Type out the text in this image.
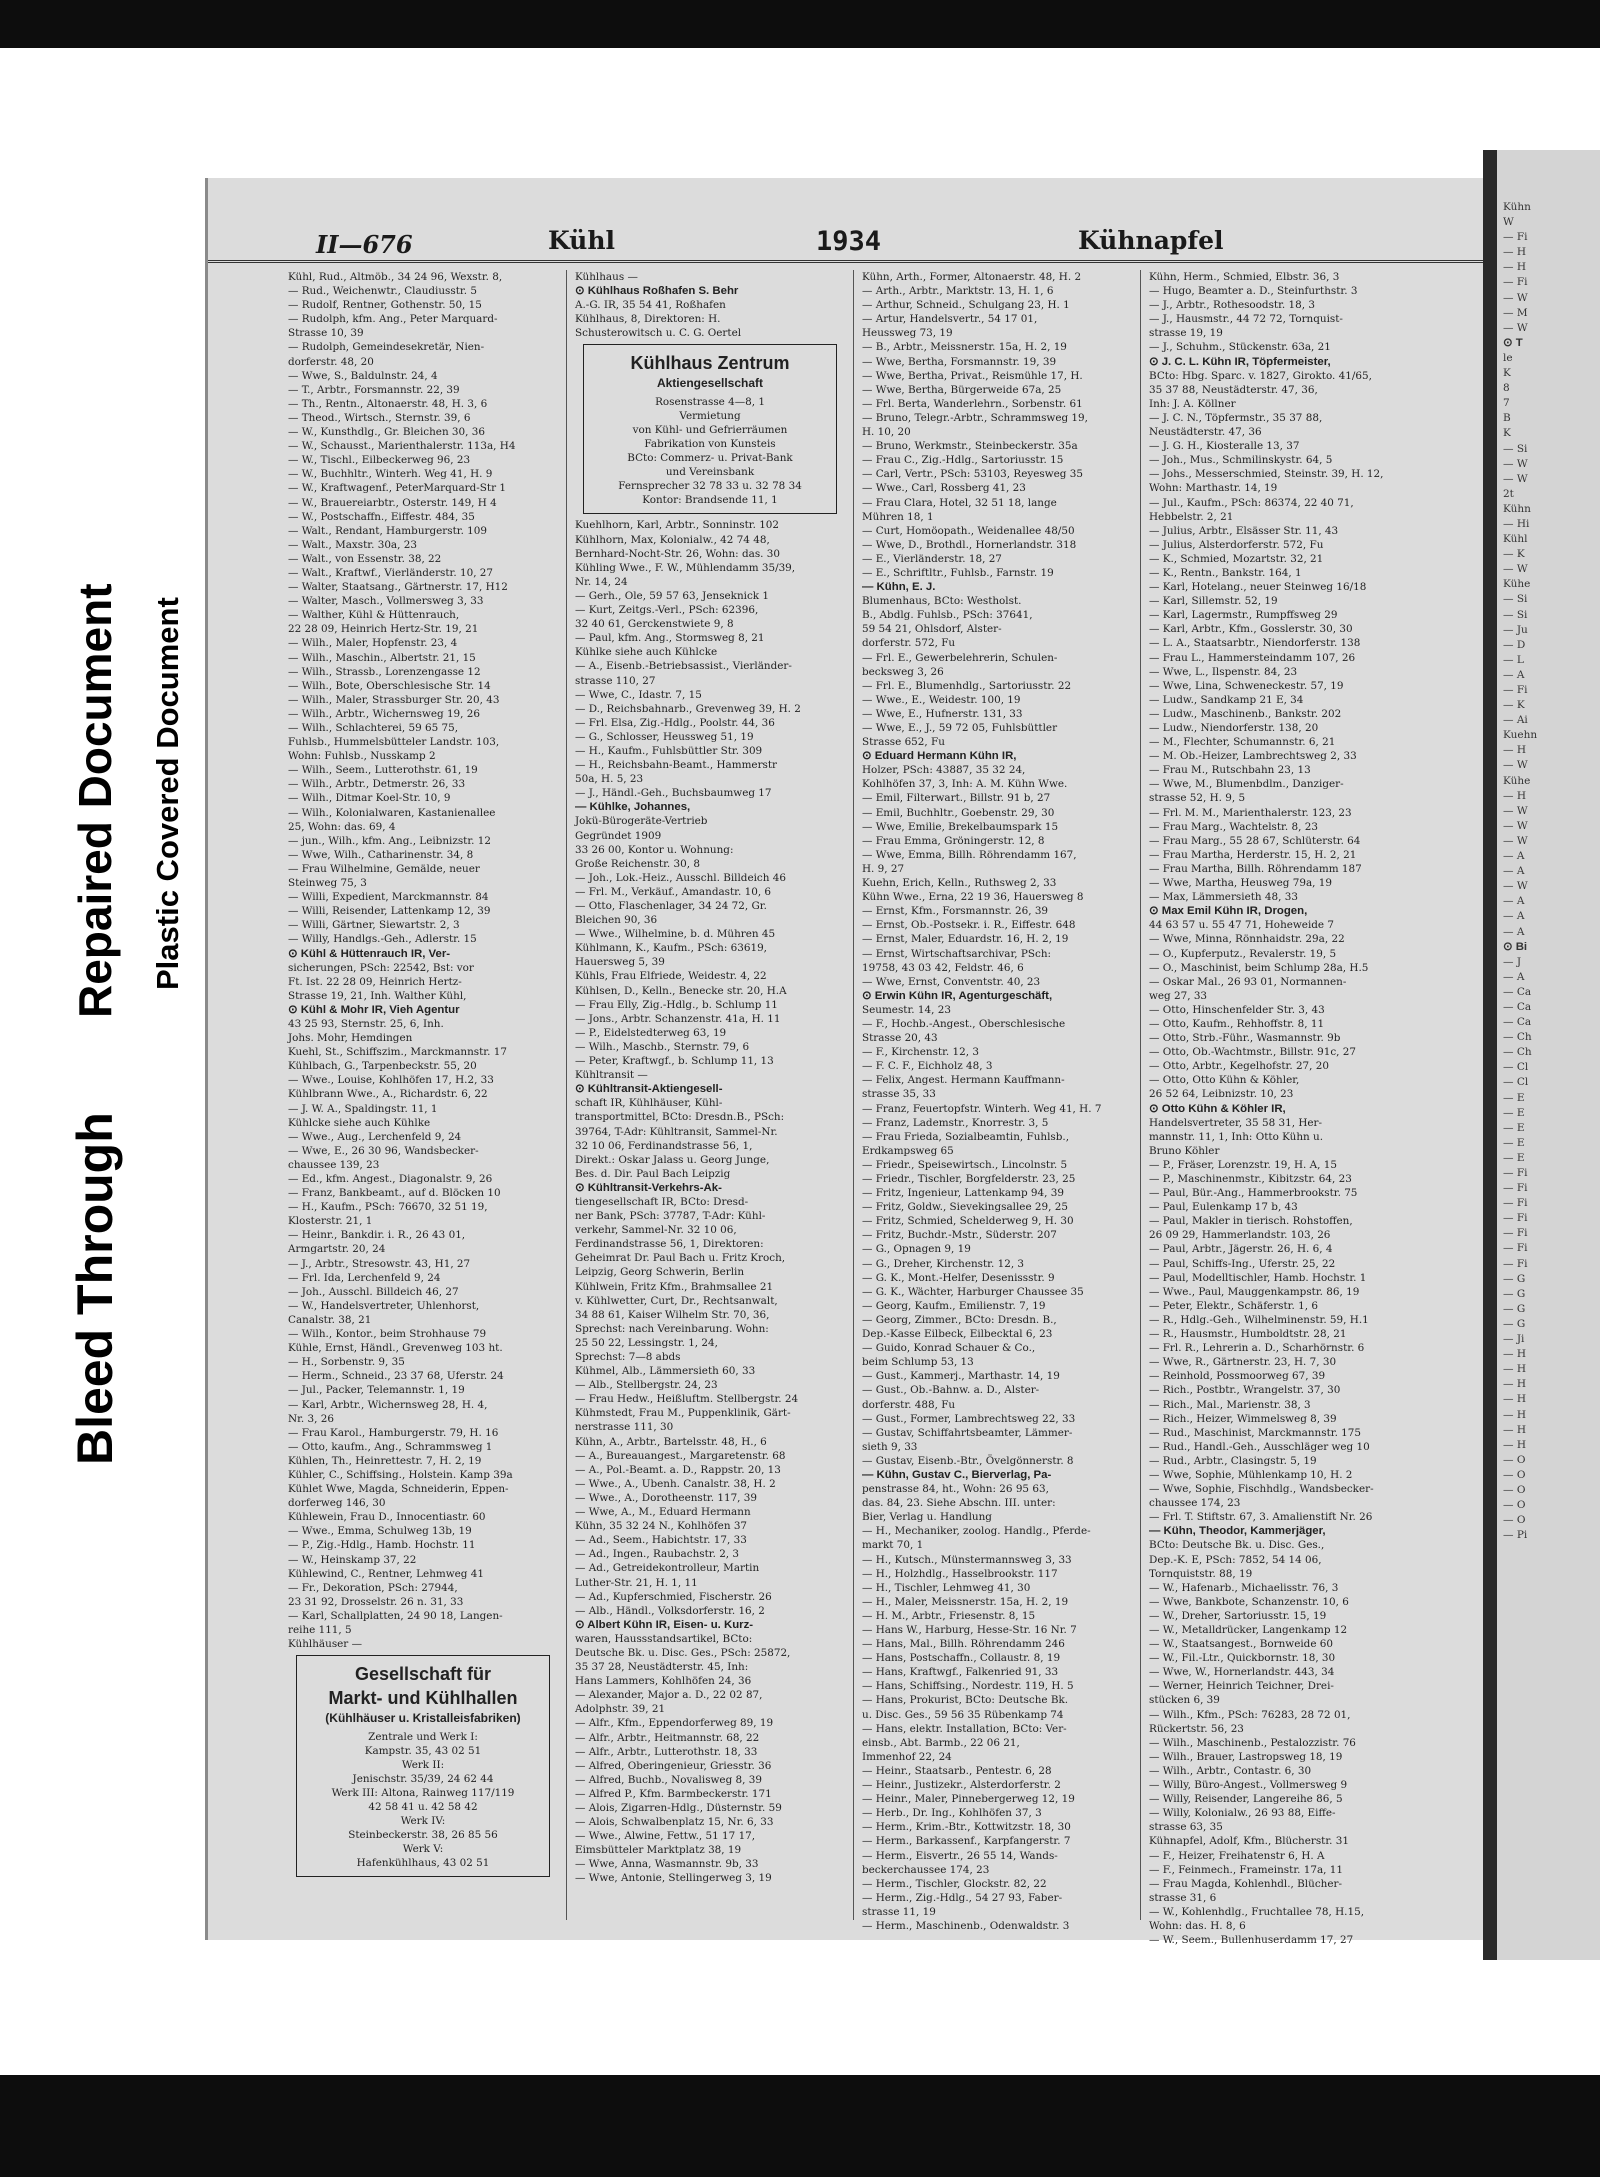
Bleed Through
Repaired Document Plastic Covered Document
II—676	Kühl	1934	Kühnapfel
Kühl, Rud., Altmöb., 34 24 96, Wexstr. 8,
— Rud., Weichenwtr., Claudiusstr. 5
— Rudolf, Rentner, Gothenstr. 50, 15
— Rudolph, kfm. Ang., Peter Marquard-
Strasse 10, 39
— Rudolph, Gemeindesekretär, Nien-
dorferstr. 48, 20
— Wwe, S., Baldulnstr. 24, 4
— T., Arbtr., Forsmannstr. 22, 39
— Th., Rentn., Altonaerstr. 48, H. 3, 6
— Theod., Wirtsch., Sternstr. 39, 6
— W., Kunsthdlg., Gr. Bleichen 30, 36
— W., Schausst., Marienthalerstr. 113a, H4
— W., Tischl., Eilbeckerweg 96, 23
— W., Buchhltr., Winterh. Weg 41, H. 9
— W., Kraftwagenf., PeterMarquard-Str 1
— W., Brauereiarbtr., Osterstr. 149, H 4
— W., Postschaffn., Eiffestr. 484, 35
— Walt., Rendant, Hamburgerstr. 109
— Walt., Maxstr. 30a, 23
— Walt., von Essenstr. 38, 22
— Walt., Kraftwf., Vierländerstr. 10, 27
— Walter, Staatsang., Gärtnerstr. 17, H12
— Walter, Masch., Vollmersweg 3, 33
— Walther, Kühl & Hüttenrauch,
22 28 09, Heinrich Hertz-Str. 19, 21
— Wilh., Maler, Hopfenstr. 23, 4
— Wilh., Maschin., Albertstr. 21, 15
— Wilh., Strassb., Lorenzengasse 12
— Wilh., Bote, Oberschlesische Str. 14
— Wilh., Maler, Strassburger Str. 20, 43
— Wilh., Arbtr., Wichernsweg 19, 26
— Wilh., Schlachterei, 59 65 75,
Fuhlsb., Hummelsbütteler Landstr. 103,
Wohn: Fuhlsb., Nusskamp 2
— Wilh., Seem., Lutterothstr. 61, 19
— Wilh., Arbtr., Detmerstr. 26, 33
— Wilh., Ditmar Koel-Str. 10, 9
— Wilh., Kolonialwaren, Kastanienallee
25, Wohn: das. 69, 4
— jun., Wilh., kfm. Ang., Leibnizstr. 12
— Wwe, Wilh., Catharinenstr. 34, 8
— Frau Wilhelmine, Gemälde, neuer
Steinweg 75, 3
— Willi, Expedient, Marckmannstr. 84
— Willi, Reisender, Lattenkamp 12, 39
— Willi, Gärtner, Siewartstr. 2, 3
— Willy, Handlgs.-Geh., Adlerstr. 15
⊙ Kühl & Hüttenrauch IR, Ver-
sicherungen, PSch: 22542, Bst: vor
Ft. Ist. 22 28 09, Heinrich Hertz-
Strasse 19, 21, Inh. Walther Kühl,
⊙ Kühl & Mohr IR, Vieh Agentur
43 25 93, Sternstr. 25, 6, Inh.
Johs. Mohr, Hemdingen
Kuehl, St., Schiffszim., Marckmannstr. 17
Kühlbach, G., Tarpenbeckstr. 55, 20
— Wwe., Louise, Kohlhöfen 17, H.2, 33
Kühlbrann Wwe., A., Richardstr. 6, 22
— J. W. A., Spaldingstr. 11, 1
Kühlcke siehe auch Kühlke
— Wwe., Aug., Lerchenfeld 9, 24
— Wwe, E., 26 30 96, Wandsbecker-
chaussee 139, 23
— Ed., kfm. Angest., Diagonalstr. 9, 26
— Franz, Bankbeamt., auf d. Blöcken 10
— H., Kaufm., PSch: 76670, 32 51 19,
Klosterstr. 21, 1
— Heinr., Bankdir. i. R., 26 43 01,
Armgartstr. 20, 24
— J., Arbtr., Stresowstr. 43, H1, 27
— Frl. Ida, Lerchenfeld 9, 24
— Joh., Ausschl. Billdeich 46, 27
— W., Handelsvertreter, Uhlenhorst,
Canalstr. 38, 21
— Wilh., Kontor., beim Strohhause 79
Kühle, Ernst, Händl., Grevenweg 103 ht.
— H., Sorbenstr. 9, 35
— Herm., Schneid., 23 37 68, Uferstr. 24
— Jul., Packer, Telemannstr. 1, 19
— Karl, Arbtr., Wichernsweg 28, H. 4,
Nr. 3, 26
— Frau Karol., Hamburgerstr. 79, H. 16
— Otto, kaufm., Ang., Schrammsweg 1
Kühlen, Th., Heinrettestr. 7, H. 2, 19
Kühler, C., Schiffsing., Holstein. Kamp 39a
Kühlet Wwe, Magda, Schneiderin, Eppen-
dorferweg 146, 30
Kühlewein, Frau D., Innocentiastr. 60
— Wwe., Emma, Schulweg 13b, 19
— P., Zig.-Hdlg., Hamb. Hochstr. 11
— W., Heinskamp 37, 22
Kühlewind, C., Rentner, Lehmweg 41
— Fr., Dekoration, PSch: 27944,
23 31 92, Drosselstr. 26 n. 31, 33
— Karl, Schallplatten, 24 90 18, Langen-
reihe 111, 5
Kühlhäuser —
Gesellschaft für
Markt- und Kühlhallen
(Kühlhäuser u. Kristalleisfabriken)
Zentrale und Werk I:
Kampstr. 35, 43 02 51
Werk II:
Jenischstr. 35/39, 24 62 44
Werk III: Altona, Rainweg 117/119
42 58 41 u. 42 58 42
Werk IV:
Steinbeckerstr. 38, 26 85 56
Werk V:
Hafenkühlhaus, 43 02 51
Kühlhaus —
⊙ Kühlhaus Roßhafen S. Behr
A.-G. IR, 35 54 41, Roßhafen
Kühlhaus, 8, Direktoren: H.
Schusterowitsch u. C. G. Oertel
Kühlhaus Zentrum
Aktiengesellschaft
Rosenstrasse 4—8, 1
Vermietung
von Kühl- und Gefrierräumen
Fabrikation von Kunsteis
BCto: Commerz- u. Privat-Bank
und Vereinsbank
Fernsprecher 32 78 33 u. 32 78 34
Kontor: Brandsende 11, 1
Kuehlhorn, Karl, Arbtr., Sonninstr. 102
Kühlhorn, Max, Kolonialw., 42 74 48,
Bernhard-Nocht-Str. 26, Wohn: das. 30
Kühling Wwe., F. W., Mühlendamm 35/39,
Nr. 14, 24
— Gerh., Ole, 59 57 63, Jenseknick 1
— Kurt, Zeitgs.-Verl., PSch: 62396,
32 40 61, Gerckenstwiete 9, 8
— Paul, kfm. Ang., Stormsweg 8, 21
Kühlke siehe auch Kühlcke
— A., Eisenb.-Betriebsassist., Vierländer-
strasse 110, 27
— Wwe, C., Idastr. 7, 15
— D., Reichsbahnarb., Grevenweg 39, H. 2
— Frl. Elsa, Zig.-Hdlg., Poolstr. 44, 36
— G., Schlosser, Heussweg 51, 19
— H., Kaufm., Fuhlsbüttler Str. 309
— H., Reichsbahn-Beamt., Hammerstr
50a, H. 5, 23
— J., Händl.-Geh., Buchsbaumweg 17
— Kühlke, Johannes,
Jokü-Bürogeräte-Vertrieb
Gegründet 1909
33 26 00, Kontor u. Wohnung:
Große Reichenstr. 30, 8
— Joh., Lok.-Heiz., Ausschl. Billdeich 46
— Frl. M., Verkäuf., Amandastr. 10, 6
— Otto, Flaschenlager, 34 24 72, Gr.
Bleichen 90, 36
— Wwe., Wilhelmine, b. d. Mühren 45
Kühlmann, K., Kaufm., PSch: 63619,
Hauersweg 5, 39
Kühls, Frau Elfriede, Weidestr. 4, 22
Kühlsen, D., Kelln., Benecke str. 20, H.A
— Frau Elly, Zig.-Hdlg., b. Schlump 11
— Jons., Arbtr. Schanzenstr. 41a, H. 11
— P., Eidelstedterweg 63, 19
— Wilh., Maschb., Sternstr. 79, 6
— Peter, Kraftwgf., b. Schlump 11, 13
Kühltransit —
⊙ Kühltransit-Aktiengesell-
schaft IR, Kühlhäuser, Kühl-
transportmittel, BCto: Dresdn.B., PSch:
39764, T-Adr: Kühltransit, Sammel-Nr.
32 10 06, Ferdinandstrasse 56, 1,
Direkt.: Oskar Jalass u. Georg Junge,
Bes. d. Dir. Paul Bach Leipzig
⊙ Kühltransit-Verkehrs-Ak-
tiengesellschaft IR, BCto: Dresd-
ner Bank, PSch: 37787, T-Adr: Kühl-
verkehr, Sammel-Nr. 32 10 06,
Ferdinandstrasse 56, 1, Direktoren:
Geheimrat Dr. Paul Bach u. Fritz Kroch,
Leipzig, Georg Schwerin, Berlin
Kühlwein, Fritz Kfm., Brahmsallee 21
v. Kühlwetter, Curt, Dr., Rechtsanwalt,
34 88 61, Kaiser Wilhelm Str. 70, 36,
Sprechst: nach Vereinbarung. Wohn:
25 50 22, Lessingstr. 1, 24,
Sprechst: 7—8 abds
Kühmel, Alb., Lämmersieth 60, 33
— Alb., Stellbergstr. 24, 23
— Frau Hedw., Heißluftm. Stellbergstr. 24
Kühmstedt, Frau M., Puppenklinik, Gärt-
nerstrasse 111, 30
Kühn, A., Arbtr., Bartelsstr. 48, H., 6
— A., Bureauangest., Margaretenstr. 68
— A., Pol.-Beamt. a. D., Rappstr. 20, 13
— Wwe., A., Ubenh. Canalstr. 38, H. 2
— Wwe., A., Dorotheenstr. 117, 39
— Wwe, A., M., Eduard Hermann
Kühn, 35 32 24 N., Kohlhöfen 37
— Ad., Seem., Habichtstr. 17, 33
— Ad., Ingen., Raubachstr. 2, 3
— Ad., Getreidekontrolleur, Martin
Luther-Str. 21, H. 1, 11
— Ad., Kupferschmied, Fischerstr. 26
— Alb., Händl., Volksdorferstr. 16, 2
⊙ Albert Kühn IR, Eisen- u. Kurz-
waren, Haussstandsartikel, BCto:
Deutsche Bk. u. Disc. Ges., PSch: 25872,
35 37 28, Neustädterstr. 45, Inh:
Hans Lammers, Kohlhöfen 24, 36
— Alexander, Major a. D., 22 02 87,
Adolphstr. 39, 21
— Alfr., Kfm., Eppendorferweg 89, 19
— Alfr., Arbtr., Heitmannstr. 68, 22
— Alfr., Arbtr., Lutterothstr. 18, 33
— Alfred, Oberingenieur, Griesstr. 36
— Alfred, Buchb., Novalisweg 8, 39
— Alfred P., Kfm. Barmbeckerstr. 171
— Alois, Zigarren-Hdlg., Düsternstr. 59
— Alois, Schwalbenplatz 15, Nr. 6, 33
— Wwe., Alwine, Fettw., 51 17 17,
Eimsbütteler Marktplatz 38, 19
— Wwe, Anna, Wasmannstr. 9b, 33
— Wwe, Antonie, Stellingerweg 3, 19
Kühn, Arth., Former, Altonaerstr. 48, H. 2
— Arth., Arbtr., Marktstr. 13, H. 1, 6
— Arthur, Schneid., Schulgang 23, H. 1
— Artur, Handelsvertr., 54 17 01,
Heussweg 73, 19
— B., Arbtr., Meissnerstr. 15a, H. 2, 19
— Wwe, Bertha, Forsmannstr. 19, 39
— Wwe, Bertha, Privat., Reismühle 17, H.
— Wwe, Bertha, Bürgerweide 67a, 25
— Frl. Berta, Wanderlehrn., Sorbenstr. 61
— Bruno, Telegr.-Arbtr., Schrammsweg 19,
H. 10, 20
— Bruno, Werkmstr., Steinbeckerstr. 35a
— Frau C., Zig.-Hdlg., Sartoriusstr. 15
— Carl, Vertr., PSch: 53103, Reyesweg 35
— Wwe., Carl, Rossberg 41, 23
— Frau Clara, Hotel, 32 51 18, lange
Mühren 18, 1
— Curt, Homöopath., Weidenallee 48/50
— Wwe, D., Brothdl., Hornerlandstr. 318
— E., Vierländerstr. 18, 27
— E., Schriftltr., Fuhlsb., Farnstr. 19
— Kühn, E. J.
Blumenhaus, BCto: Westholst.
B., Abdlg. Fuhlsb., PSch: 37641,
59 54 21, Ohlsdorf, Alster-
dorferstr. 572, Fu
— Frl. E., Gewerbelehrerin, Schulen-
becksweg 3, 26
— Frl. E., Blumenhdlg., Sartoriusstr. 22
— Wwe., E., Weidestr. 100, 19
— Wwe, E., Hufnerstr. 131, 33
— Wwe, E., J., 59 72 05, Fuhlsbüttler
Strasse 652, Fu
⊙ Eduard Hermann Kühn IR,
Holzer, PSch: 43887, 35 32 24,
Kohlhöfen 37, 3, Inh: A. M. Kühn Wwe.
— Emil, Filterwart., Billstr. 91 b, 27
— Emil, Buchhltr., Goebenstr. 29, 30
— Wwe, Emilie, Brekelbaumspark 15
— Frau Emma, Gröningerstr. 12, 8
— Wwe, Emma, Billh. Röhrendamm 167,
H. 9, 27
Kuehn, Erich, Kelln., Ruthsweg 2, 33
Kühn Wwe., Erna, 22 19 36, Hauersweg 8
— Ernst, Kfm., Forsmannstr. 26, 39
— Ernst, Ob.-Postsekr. i. R., Eiffestr. 648
— Ernst, Maler, Eduardstr. 16, H. 2, 19
— Ernst, Wirtschaftsarchivar, PSch:
19758, 43 03 42, Feldstr. 46, 6
— Wwe, Ernst, Conventstr. 40, 23
⊙ Erwin Kühn IR, Agenturgeschäft,
Seumestr. 14, 23
— F., Hochb.-Angest., Oberschlesische
Strasse 20, 43
— F., Kirchenstr. 12, 3
— F. C. F., Eichholz 48, 3
— Felix, Angest. Hermann Kauffmann-
strasse 35, 33
— Franz, Feuertopfstr. Winterh. Weg 41, H. 7
— Franz, Lademstr., Knorrestr. 3, 5
— Frau Frieda, Sozialbeamtin, Fuhlsb.,
Erdkampsweg 65
— Friedr., Speisewirtsch., Lincolnstr. 5
— Friedr., Tischler, Borgfelderstr. 23, 25
— Fritz, Ingenieur, Lattenkamp 94, 39
— Fritz, Goldw., Sievekingsallee 29, 25
— Fritz, Schmied, Schelderweg 9, H. 30
— Fritz, Buchdr.-Mstr., Süderstr. 207
— G., Opnagen 9, 19
— G., Dreher, Kirchenstr. 12, 3
— G. K., Mont.-Helfer, Desenissstr. 9
— G. K., Wächter, Harburger Chaussee 35
— Georg, Kaufm., Emilienstr. 7, 19
— Georg, Zimmer., BCto: Dresdn. B.,
Dep.-Kasse Eilbeck, Eilbecktal 6, 23
— Guido, Konrad Schauer & Co.,
beim Schlump 53, 13
— Gust., Kammerj., Marthastr. 14, 19
— Gust., Ob.-Bahnw. a. D., Alster-
dorferstr. 488, Fu
— Gust., Former, Lambrechtsweg 22, 33
— Gustav, Schiffahrtsbeamter, Lämmer-
sieth 9, 33
— Gustav, Eisenb.-Btr., Övelgönnerstr. 8
— Kühn, Gustav C., Bierverlag, Pa-
penstrasse 84, ht., Wohn: 26 95 63,
das. 84, 23. Siehe Abschn. III. unter:
Bier, Verlag u. Handlung
— H., Mechaniker, zoolog. Handlg., Pferde-
markt 70, 1
— H., Kutsch., Münstermannsweg 3, 33
— H., Holzhdlg., Hasselbrookstr. 117
— H., Tischler, Lehmweg 41, 30
— H., Maler, Meissnerstr. 15a, H. 2, 19
— H. M., Arbtr., Friesenstr. 8, 15
— Hans W., Harburg, Hesse-Str. 16 Nr. 7
— Hans, Mal., Billh. Röhrendamm 246
— Hans, Postschaffn., Collaustr. 8, 19
— Hans, Kraftwgf., Falkenried 91, 33
— Hans, Schiffsing., Nordestr. 119, H. 5
— Hans, Prokurist, BCto: Deutsche Bk.
u. Disc. Ges., 59 56 35 Rübenkamp 74
— Hans, elektr. Installation, BCto: Ver-
einsb., Abt. Barmb., 22 06 21,
Immenhof 22, 24
— Heinr., Staatsarb., Pentestr. 6, 28
— Heinr., Justizekr., Alsterdorferstr. 2
— Heinr., Maler, Pinnebergerweg 12, 19
— Herb., Dr. Ing., Kohlhöfen 37, 3
— Herm., Krim.-Btr., Kottwitzstr. 18, 30
— Herm., Barkassenf., Karpfangerstr. 7
— Herm., Eisvertr., 26 55 14, Wands-
beckerchaussee 174, 23
— Herm., Tischler, Glockstr. 82, 22
— Herm., Zig.-Hdlg., 54 27 93, Faber-
strasse 11, 19
— Herm., Maschinenb., Odenwaldstr. 3
Kühn, Herm., Schmied, Elbstr. 36, 3
— Hugo, Beamter a. D., Steinfurthstr. 3
— J., Arbtr., Rothesoodstr. 18, 3
— J., Hausmstr., 44 72 72, Tornquist-
strasse 19, 19
— J., Schuhm., Stückenstr. 63a, 21
⊙ J. C. L. Kühn IR, Töpfermeister,
BCto: Hbg. Sparc. v. 1827, Girokto. 41/65,
35 37 88, Neustädterstr. 47, 36,
Inh: J. A. Köllner
— J. C. N., Töpfermstr., 35 37 88,
Neustädterstr. 47, 36
— J. G. H., Kiosteralle 13, 37
— Joh., Mus., Schmilinskystr. 64, 5
— Johs., Messerschmied, Steinstr. 39, H. 12,
Wohn: Marthastr. 14, 19
— Jul., Kaufm., PSch: 86374, 22 40 71,
Hebbelstr. 2, 21
— Julius, Arbtr., Elsässer Str. 11, 43
— Julius, Alsterdorferstr. 572, Fu
— K., Schmied, Mozartstr. 32, 21
— K., Rentn., Bankstr. 164, 1
— Karl, Hotelang., neuer Steinweg 16/18
— Karl, Sillemstr. 52, 19
— Karl, Lagermstr., Rumpffsweg 29
— Karl, Arbtr., Kfm., Gosslerstr. 30, 30
— L. A., Staatsarbtr., Niendorferstr. 138
— Frau L., Hammersteindamm 107, 26
— Wwe, L., Ilspenstr. 84, 23
— Wwe, Lina, Schweneckestr. 57, 19
— Ludw., Sandkamp 21 E, 34
— Ludw., Maschinenb., Bankstr. 202
— Ludw., Niendorferstr. 138, 20
— M., Flechter, Schumannstr. 6, 21
— M. Ob.-Heizer, Lambrechtsweg 2, 33
— Frau M., Rutschbahn 23, 13
— Wwe, M., Blumenbdlm., Danziger-
strasse 52, H. 9, 5
— Frl. M. M., Marienthalerstr. 123, 23
— Frau Marg., Wachtelstr. 8, 23
— Frau Marg., 55 28 67, Schlüterstr. 64
— Frau Martha, Herderstr. 15, H. 2, 21
— Frau Martha, Billh. Röhrendamm 187
— Wwe, Martha, Heusweg 79a, 19
— Max, Lämmersieth 48, 33
⊙ Max Emil Kühn IR, Drogen,
44 63 57 u. 55 47 71, Hoheweide 7
— Wwe, Minna, Rönnhaidstr. 29a, 22
— O., Kupferputz., Revalerstr. 19, 5
— O., Maschinist, beim Schlump 28a, H.5
— Oskar Mal., 26 93 01, Normannen-
weg 27, 33
— Otto, Hinschenfelder Str. 3, 43
— Otto, Kaufm., Rehhoffstr. 8, 11
— Otto, Strb.-Führ., Wasmannstr. 9b
— Otto, Ob.-Wachtmstr., Billstr. 91c, 27
— Otto, Arbtr., Kegelhofstr. 27, 20
— Otto, Otto Kühn & Köhler,
26 52 64, Leibnizstr. 10, 23
⊙ Otto Kühn & Köhler IR,
Handelsvertreter, 35 58 31, Her-
mannstr. 11, 1, Inh: Otto Kühn u.
Bruno Köhler
— P., Fräser, Lorenzstr. 19, H. A, 15
— P., Maschinenmstr., Kibitzstr. 64, 23
— Paul, Bür.-Ang., Hammerbrookstr. 75
— Paul, Eulenkamp 17 b, 43
— Paul, Makler in tierisch. Rohstoffen,
26 09 29, Hammerlandstr. 103, 26
— Paul, Arbtr., Jägerstr. 26, H. 6, 4
— Paul, Schiffs-Ing., Uferstr. 25, 22
— Paul, Modelltischler, Hamb. Hochstr. 1
— Wwe., Paul, Mauggenkampstr. 86, 19
— Peter, Elektr., Schäferstr. 1, 6
— R., Hdlg.-Geh., Wilhelminenstr. 59, H.1
— R., Hausmstr., Humboldtstr. 28, 21
— Frl. R., Lehrerin a. D., Scharhörnstr. 6
— Wwe, R., Gärtnerstr. 23, H. 7, 30
— Reinhold, Possmoorweg 67, 39
— Rich., Postbtr., Wrangelstr. 37, 30
— Rich., Mal., Marienstr. 38, 3
— Rich., Heizer, Wimmelsweg 8, 39
— Rud., Maschinist, Marckmannstr. 175
— Rud., Handl.-Geh., Ausschläger weg 10
— Rud., Arbtr., Clasingstr. 5, 19
— Wwe, Sophie, Mühlenkamp 10, H. 2
— Wwe, Sophie, Fischhdlg., Wandsbecker-
chaussee 174, 23
— Frl. T. Stiftstr. 67, 3. Amalienstift Nr. 26
— Kühn, Theodor, Kammerjäger,
BCto: Deutsche Bk. u. Disc. Ges.,
Dep.-K. E, PSch: 7852, 54 14 06,
Tornquiststr. 88, 19
— W., Hafenarb., Michaelisstr. 76, 3
— Wwe, Bankbote, Schanzenstr. 10, 6
— W., Dreher, Sartoriusstr. 15, 19
— W., Metalldrücker, Langenkamp 12
— W., Staatsangest., Bornweide 60
— W., Fil.-Ltr., Quickbornstr. 18, 30
— Wwe, W., Hornerlandstr. 443, 34
— Werner, Heinrich Teichner, Drei-
stücken 6, 39
— Wilh., Kfm., PSch: 76283, 28 72 01,
Rückertstr. 56, 23
— Wilh., Maschinenb., Pestalozzistr. 76
— Wilh., Brauer, Lastropsweg 18, 19
— Wilh., Arbtr., Contastr. 6, 30
— Willy, Büro-Angest., Vollmersweg 9
— Willy, Reisender, Langereihe 86, 5
— Willy, Kolonialw., 26 93 88, Eiffe-
strasse 63, 35
Kühnapfel, Adolf, Kfm., Blücherstr. 31
— F., Heizer, Freihatenstr 6, H. A
— F., Feinmech., Frameinstr. 17a, 11
— Frau Magda, Kohlenhdl., Blücher-
strasse 31, 6
— W., Kohlenhdlg., Fruchtallee 78, H.15,
Wohn: das. H. 8, 6
— W., Seem., Bullenhuserdamm 17, 27
Kühn
W
— Fi
— H
— H
— Fi
— W
— M
— W
⊙ T
le
K
8
7
B
K
— Si
— W
— W
2t
Kühn
— Hi
Kühl
— K
— W
Kühe
— Si
— Si
— Ju
— D
— L
— A
— Fi
— K
— Ai
Kuehn
— H
— W
Kühe
— H
— W
— W
— W
— A
— A
— W
— A
— A
— A
⊙ Bi
— J
— A
— Ca
— Ca
— Ca
— Ch
— Ch
— Cl
— Cl
— E
— E
— E
— E
— E
— Fi
— Fi
— Fi
— Fi
— Fi
— Fi
— Fi
— G
— G
— G
— G
— Ji
— H
— H
— H
— H
— H
— H
— H
— O
— O
— O
— O
— O
— Pi
